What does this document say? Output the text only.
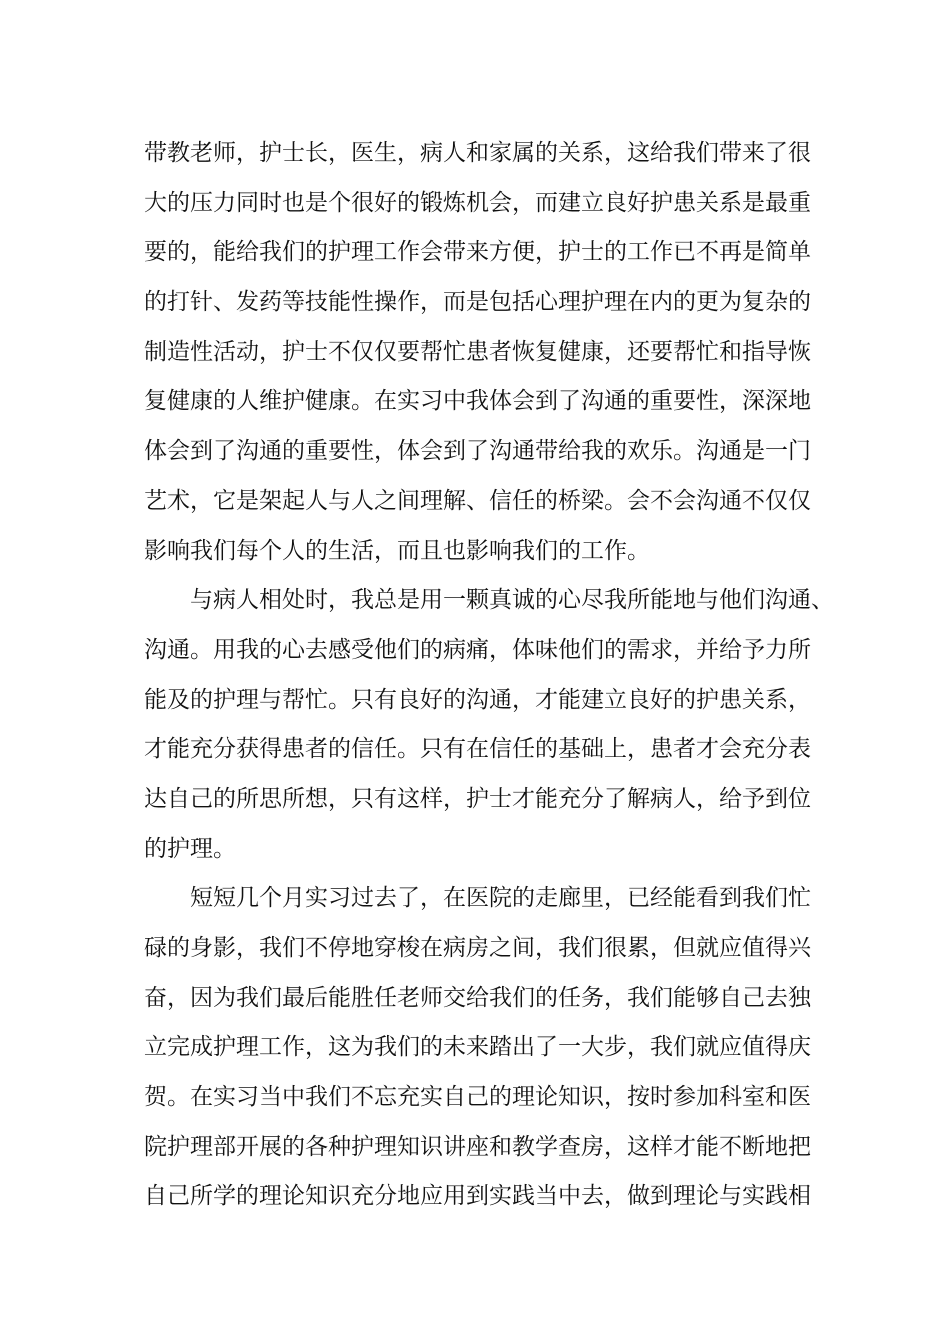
带教老师，护士长，医生，病人和家属的关系，这给我们带来了很
大的压力同时也是个很好的锻炼机会，而建立良好护患关系是最重
要的，能给我们的护理工作会带来方便，护士的工作已不再是简单
的打针、发药等技能性操作，而是包括心理护理在内的更为复杂的
制造性活动，护士不仅仅要帮忙患者恢复健康，还要帮忙和指导恢
复健康的人维护健康。在实习中我体会到了沟通的重要性，深深地
体会到了沟通的重要性，体会到了沟通带给我的欢乐。沟通是一门
艺术，它是架起人与人之间理解、信任的桥梁。会不会沟通不仅仅
影响我们每个人的生活，而且也影响我们的工作。
与病人相处时，我总是用一颗真诚的心尽我所能地与他们沟通、
沟通。用我的心去感受他们的病痛，体味他们的需求，并给予力所
能及的护理与帮忙。只有良好的沟通，才能建立良好的护患关系，
才能充分获得患者的信任。只有在信任的基础上，患者才会充分表
达自己的所思所想，只有这样，护士才能充分了解病人，给予到位
的护理。
短短几个月实习过去了，在医院的走廊里，已经能看到我们忙
碌的身影，我们不停地穿梭在病房之间，我们很累，但就应值得兴
奋，因为我们最后能胜任老师交给我们的任务，我们能够自己去独
立完成护理工作，这为我们的未来踏出了一大步，我们就应值得庆
贺。在实习当中我们不忘充实自己的理论知识，按时参加科室和医
院护理部开展的各种护理知识讲座和教学查房，这样才能不断地把
自己所学的理论知识充分地应用到实践当中去，做到理论与实践相
